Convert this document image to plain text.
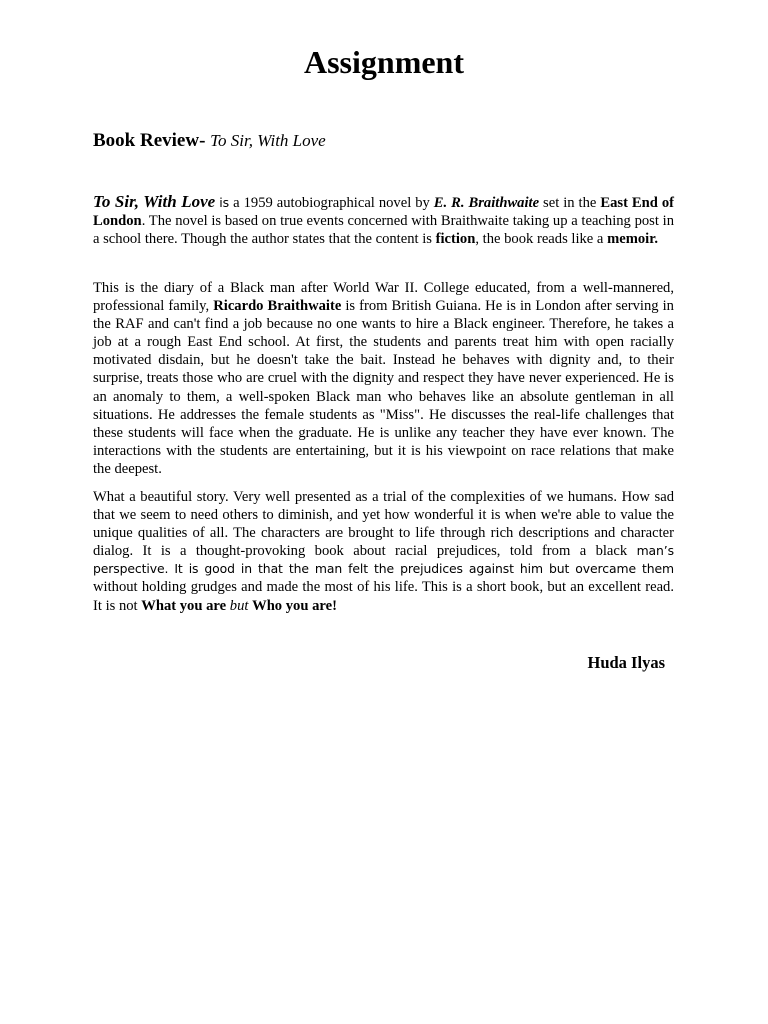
Assignment
Book Review- To Sir, With Love
To Sir, With Love is a 1959 autobiographical novel by E. R. Braithwaite set in the East End of London. The novel is based on true events concerned with Braithwaite taking up a teaching post in a school there. Though the author states that the content is fiction, the book reads like a memoir.
This is the diary of a Black man after World War II. College educated, from a well-mannered, professional family, Ricardo Braithwaite is from British Guiana. He is in London after serving in the RAF and can't find a job because no one wants to hire a Black engineer. Therefore, he takes a job at a rough East End school. At first, the students and parents treat him with open racially motivated disdain, but he doesn't take the bait. Instead he behaves with dignity and, to their surprise, treats those who are cruel with the dignity and respect they have never experienced. He is an anomaly to them, a well-spoken Black man who behaves like an absolute gentleman in all situations. He addresses the female students as "Miss". He discusses the real-life challenges that these students will face when the graduate. He is unlike any teacher they have ever known. The interactions with the students are entertaining, but it is his viewpoint on race relations that make the deepest.
What a beautiful story. Very well presented as a trial of the complexities of we humans. How sad that we seem to need others to diminish, and yet how wonderful it is when we're able to value the unique qualities of all. The characters are brought to life through rich descriptions and character dialog. It is a thought-provoking book about racial prejudices, told from a black man’s perspective. It is good in that the man felt the prejudices against him but overcame them without holding grudges and made the most of his life. This is a short book, but an excellent read. It is not What you are but Who you are!
Huda Ilyas
